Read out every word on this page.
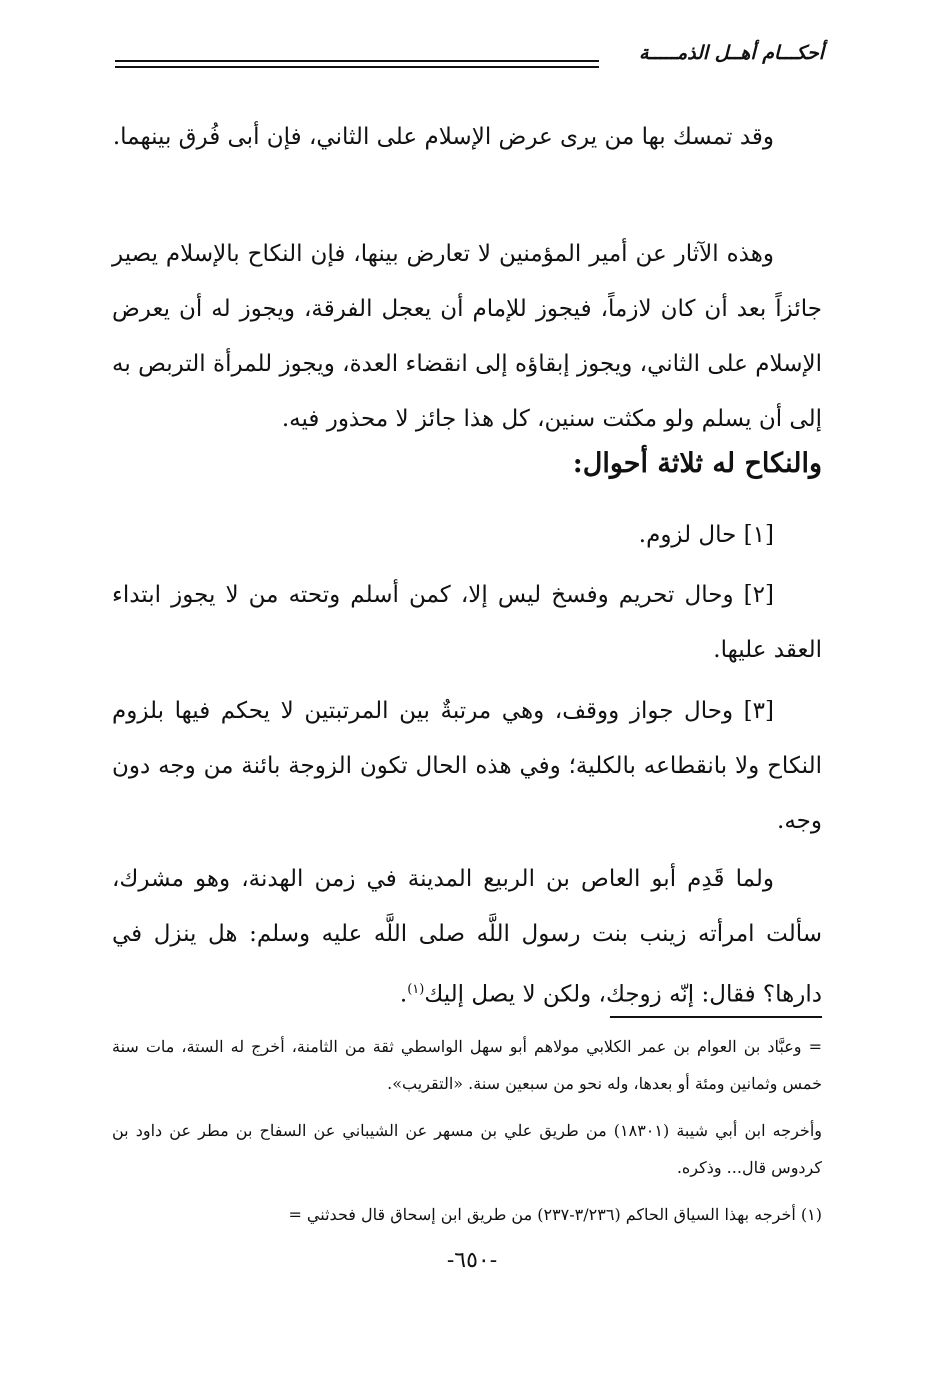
أحكـــام أهــل الذمـــــة

وقد تمسك بها من يرى عرض الإسلام على الثاني، فإن أبى فُرق بينهما.

وهذه الآثار عن أمير المؤمنين لا تعارض بينها، فإن النكاح بالإسلام يصير جائزاً بعد أن كان لازماً، فيجوز للإمام أن يعجل الفرقة، ويجوز له أن يعرض الإسلام على الثاني، ويجوز إبقاؤه إلى انقضاء العدة، ويجوز للمرأة التربص به إلى أن يسلم ولو مكثت سنين، كل هذا جائز لا محذور فيه.

والنكاح له ثلاثة أحوال:

[١] حال لزوم.

[٢] وحال تحريم وفسخ ليس إلا، كمن أسلم وتحته من لا يجوز ابتداء العقد عليها.

[٣] وحال جواز ووقف، وهي مرتبةٌ بين المرتبتين لا يحكم فيها بلزوم النكاح ولا بانقطاعه بالكلية؛ وفي هذه الحال تكون الزوجة بائنة من وجه دون وجه.

ولما قَدِم أبو العاص بن الربيع المدينة في زمن الهدنة، وهو مشرك، سألت امرأته زينب بنت رسول اللَّه صلى اللَّه عليه وسلم: هل ينزل في دارها؟ فقال: إنّه زوجك، ولكن لا يصل إليك$^{(١)}$.

= وعبَّاد بن العوام بن عمر الكلابي مولاهم أبو سهل الواسطي ثقة من الثامنة، أخرج له الستة، مات سنة خمس وثمانين ومئة أو بعدها، وله نحو من سبعين سنة. «التقريب».

وأخرجه ابن أبي شيبة (١٨٣٠١) من طريق علي بن مسهر عن الشيباني عن السفاح بن مطر عن داود بن كردوس قال... وذكره.

(١) أخرجه بهذا السياق الحاكم (٣/٢٣٦-٢٣٧) من طريق ابن إسحاق قال فحدثني =

-٦٥٠-
